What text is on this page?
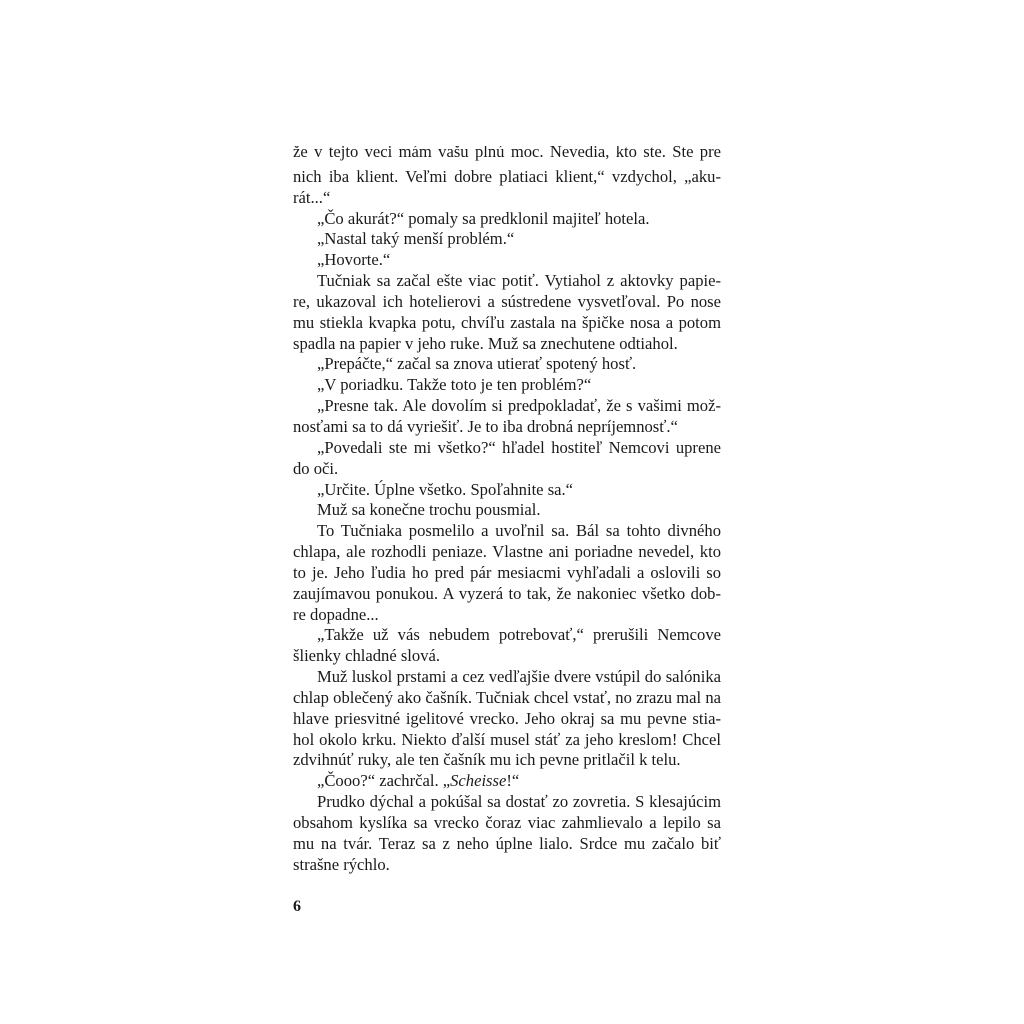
že v tejto veci mám vašu plnú moc. Nevedia, kto ste. Ste pre
nich iba klient. Veľmi dobre platiaci klient,“ vzdychol, „aku-
rát...“
„Čo akurát?“ pomaly sa predklonil majiteľ hotela.
„Nastal taký menší problém.“
„Hovorte.“
Tučniak sa začal ešte viac potiť. Vytiahol z aktovky papie-
re, ukazoval ich hotelierovi a sústredene vysvetľoval. Po nose
mu stiekla kvapka potu, chvíľu zastala na špičke nosa a potom
spadla na papier v jeho ruke. Muž sa znechutene odtiahol.
„Prepáčte,“ začal sa znova utierať spotený hosť.
„V poriadku. Takže toto je ten problém?“
„Presne tak. Ale dovolím si predpokladať, že s vašimi mož-
nosťami sa to dá vyriešiť. Je to iba drobná nepríjemnosť.“
„Povedali ste mi všetko?“ hľadel hostiteľ Nemcovi uprene
do oči.
„Určite. Úplne všetko. Spoľahnite sa.“
Muž sa konečne trochu pousmial.
To Tučniaka posmelilo a uvoľnil sa. Bál sa tohto divného
chlapa, ale rozhodli peniaze. Vlastne ani poriadne nevedel, kto
to je. Jeho ľudia ho pred pár mesiacmi vyhľadali a oslovili so
zaujímavou ponukou. A vyzerá to tak, že nakoniec všetko dob-
re dopadne...
„Takže už vás nebudem potrebovať,“ prerušili Nemcove
šlienky chladné slová.
Muž luskol prstami a cez vedľajšie dvere vstúpil do salónika
chlap oblečený ako čašník. Tučniak chcel vstať, no zrazu mal na
hlave priesvitné igelitové vrecko. Jeho okraj sa mu pevne stia-
hol okolo krku. Niekto ďalší musel stáť za jeho kreslom! Chcel
zdvihnúť ruky, ale ten čašník mu ich pevne pritlačil k telu.
„Čooo?“ zachrčal. „Scheisse!“
Prudko dýchal a pokúšal sa dostať zo zovretia. S klesajúcim
obsahom kyslíka sa vrecko čoraz viac zahmlievalo a lepilo sa
mu na tvár. Teraz sa z neho úplne lialo. Srdce mu začalo biť
strašne rýchlo.
6
